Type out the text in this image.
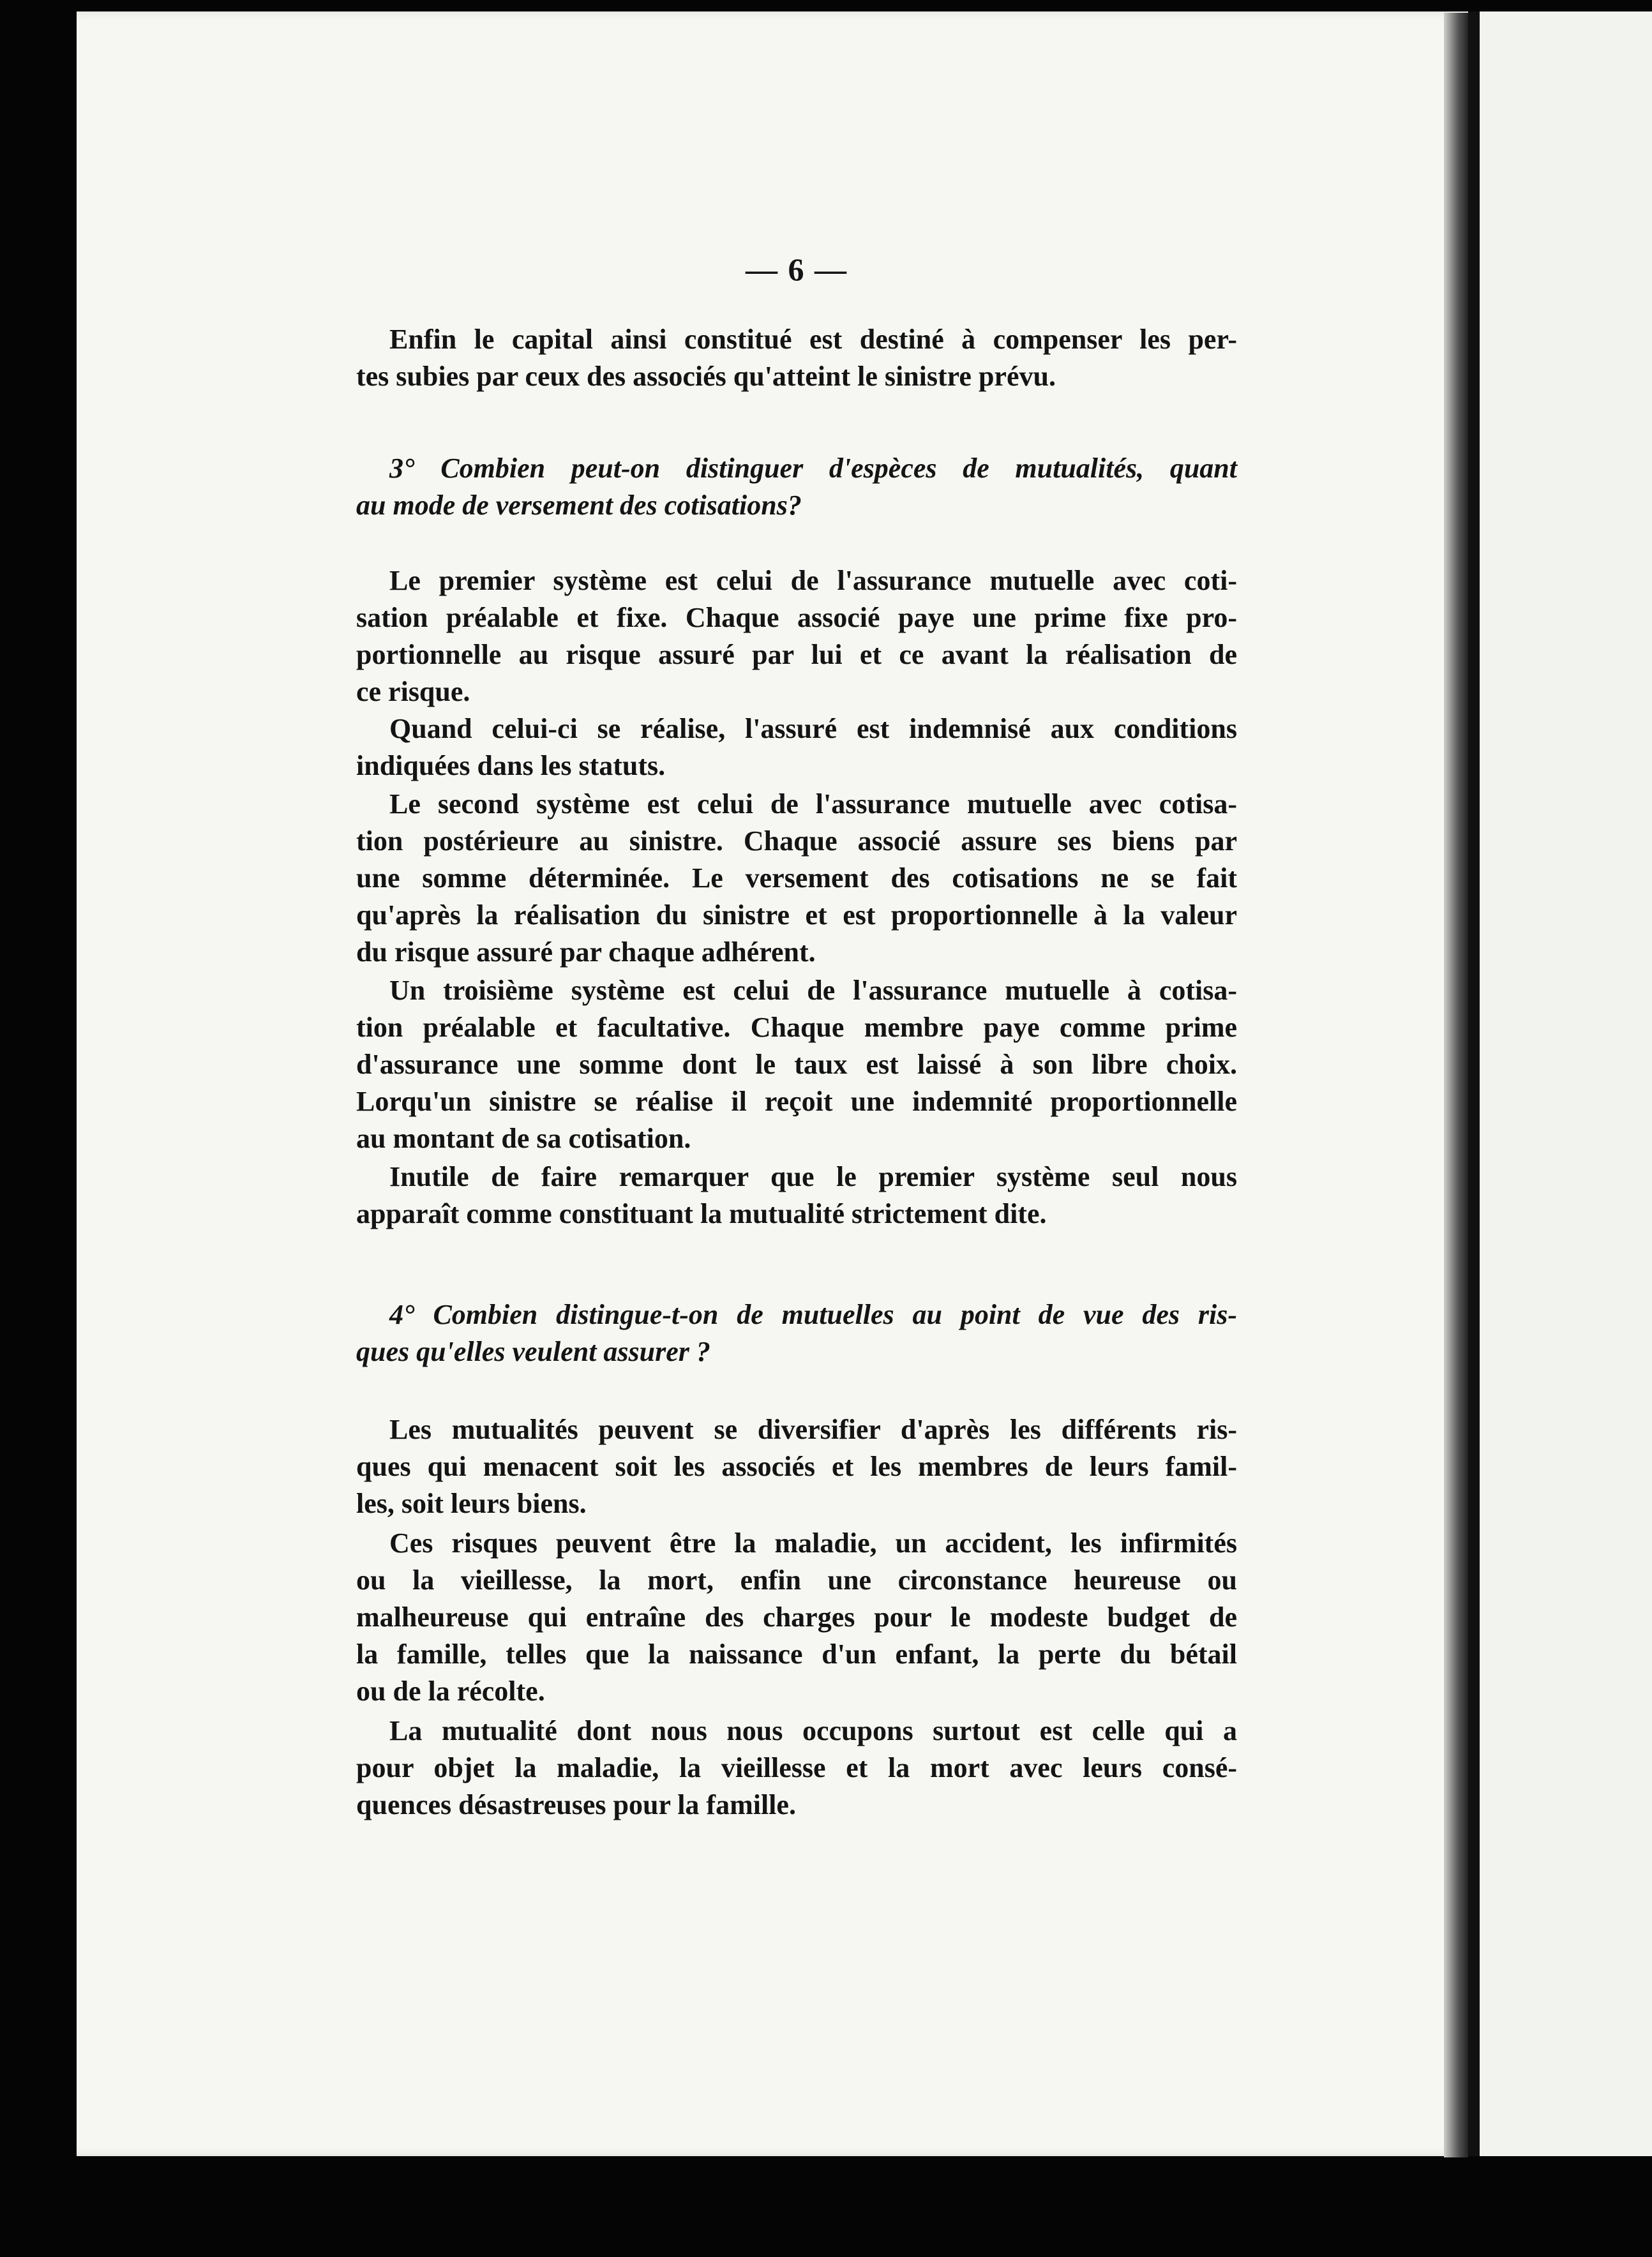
— 6 —
Enfin le capital ainsi constitué est destiné à compenser les per-
tes subies par ceux des associés qu'atteint le sinistre prévu.
3° Combien peut-on distinguer d'espèces de mutualités, quant
au mode de versement des cotisations?
Le premier système est celui de l'assurance mutuelle avec coti-
sation préalable et fixe. Chaque associé paye une prime fixe pro-
portionnelle au risque assuré par lui et ce avant la réalisation de
ce risque.
Quand celui-ci se réalise, l'assuré est indemnisé aux conditions
indiquées dans les statuts.
Le second système est celui de l'assurance mutuelle avec cotisa-
tion postérieure au sinistre. Chaque associé assure ses biens par
une somme déterminée. Le versement des cotisations ne se fait
qu'après la réalisation du sinistre et est proportionnelle à la valeur
du risque assuré par chaque adhérent.
Un troisième système est celui de l'assurance mutuelle à cotisa-
tion préalable et facultative. Chaque membre paye comme prime
d'assurance une somme dont le taux est laissé à son libre choix.
Lorqu'un sinistre se réalise il reçoit une indemnité proportionnelle
au montant de sa cotisation.
Inutile de faire remarquer que le premier système seul nous
apparaît comme constituant la mutualité strictement dite.
4° Combien distingue-t-on de mutuelles au point de vue des ris-
ques qu'elles veulent assurer ?
Les mutualités peuvent se diversifier d'après les différents ris-
ques qui menacent soit les associés et les membres de leurs famil-
les, soit leurs biens.
Ces risques peuvent être la maladie, un accident, les infirmités
ou la vieillesse, la mort, enfin une circonstance heureuse ou
malheureuse qui entraîne des charges pour le modeste budget de
la famille, telles que la naissance d'un enfant, la perte du bétail
ou de la récolte.
La mutualité dont nous nous occupons surtout est celle qui a
pour objet la maladie, la vieillesse et la mort avec leurs consé-
quences désastreuses pour la famille.
